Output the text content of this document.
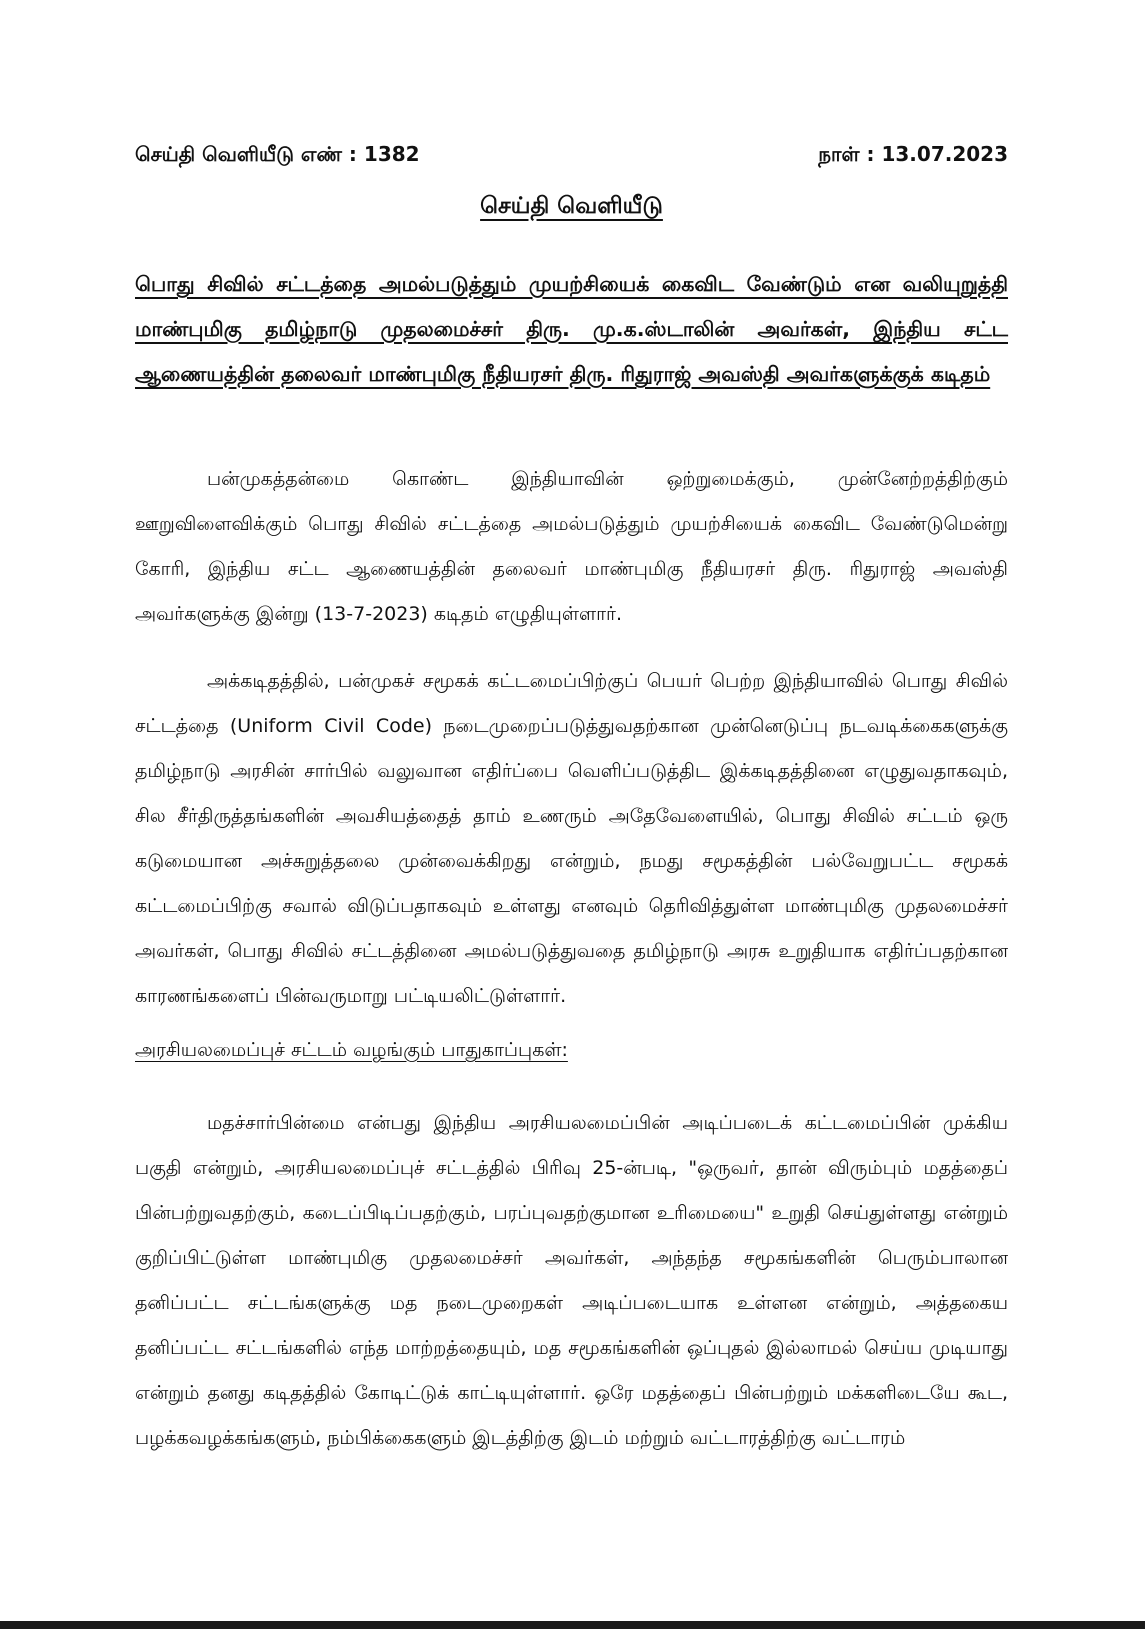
செய்தி வெளியீடு எண் : 1382	நாள் : 13.07.2023
செய்தி வெளியீடு
பொது சிவில் சட்டத்தை அமல்படுத்தும் முயற்சியைக் கைவிட வேண்டும் என வலியுறுத்தி மாண்புமிகு தமிழ்நாடு முதலமைச்சர் திரு. மு.க.ஸ்டாலின் அவர்கள், இந்திய சட்ட ஆணையத்தின் தலைவர் மாண்புமிகு நீதியரசர் திரு. ரிதுராஜ் அவஸ்தி அவர்களுக்குக் கடிதம்
பன்முகத்தன்மை கொண்ட இந்தியாவின் ஒற்றுமைக்கும், முன்னேற்றத்திற்கும் ஊறுவிளைவிக்கும் பொது சிவில் சட்டத்தை அமல்படுத்தும் முயற்சியைக் கைவிட வேண்டுமென்று கோரி, இந்திய சட்ட ஆணையத்தின் தலைவர் மாண்புமிகு நீதியரசர் திரு. ரிதுராஜ் அவஸ்தி அவர்களுக்கு இன்று (13-7-2023) கடிதம் எழுதியுள்ளார்.
அக்கடிதத்தில், பன்முகச் சமூகக் கட்டமைப்பிற்குப் பெயர் பெற்ற இந்தியாவில் பொது சிவில் சட்டத்தை (Uniform Civil Code) நடைமுறைப்படுத்துவதற்கான முன்னெடுப்பு நடவடிக்கைகளுக்கு தமிழ்நாடு அரசின் சார்பில் வலுவான எதிர்ப்பை வெளிப்படுத்திட இக்கடிதத்தினை எழுதுவதாகவும், சில சீர்திருத்தங்களின் அவசியத்தைத் தாம் உணரும் அதேவேளையில், பொது சிவில் சட்டம் ஒரு கடுமையான அச்சுறுத்தலை முன்வைக்கிறது என்றும், நமது சமூகத்தின் பல்வேறுபட்ட சமூகக் கட்டமைப்பிற்கு சவால் விடுப்பதாகவும் உள்ளது எனவும் தெரிவித்துள்ள மாண்புமிகு முதலமைச்சர் அவர்கள், பொது சிவில் சட்டத்தினை அமல்படுத்துவதை தமிழ்நாடு அரசு உறுதியாக எதிர்ப்பதற்கான காரணங்களைப் பின்வருமாறு பட்டியலிட்டுள்ளார்.
அரசியலமைப்புச் சட்டம் வழங்கும் பாதுகாப்புகள்:
மதச்சார்பின்மை என்பது இந்திய அரசியலமைப்பின் அடிப்படைக் கட்டமைப்பின் முக்கிய பகுதி என்றும், அரசியலமைப்புச் சட்டத்தில் பிரிவு 25-ன்படி, "ஒருவர், தான் விரும்பும் மதத்தைப் பின்பற்றுவதற்கும், கடைப்பிடிப்பதற்கும், பரப்புவதற்குமான உரிமையை" உறுதி செய்துள்ளது என்றும் குறிப்பிட்டுள்ள மாண்புமிகு முதலமைச்சர் அவர்கள், அந்தந்த சமூகங்களின் பெரும்பாலான தனிப்பட்ட சட்டங்களுக்கு மத நடைமுறைகள் அடிப்படையாக உள்ளன என்றும், அத்தகைய தனிப்பட்ட சட்டங்களில் எந்த மாற்றத்தையும், மத சமூகங்களின் ஒப்புதல் இல்லாமல் செய்ய முடியாது என்றும் தனது கடிதத்தில் கோடிட்டுக் காட்டியுள்ளார். ஒரே மதத்தைப் பின்பற்றும் மக்களிடையே கூட, பழக்கவழக்கங்களும், நம்பிக்கைகளும் இடத்திற்கு இடம் மற்றும் வட்டாரத்திற்கு வட்டாரம்
